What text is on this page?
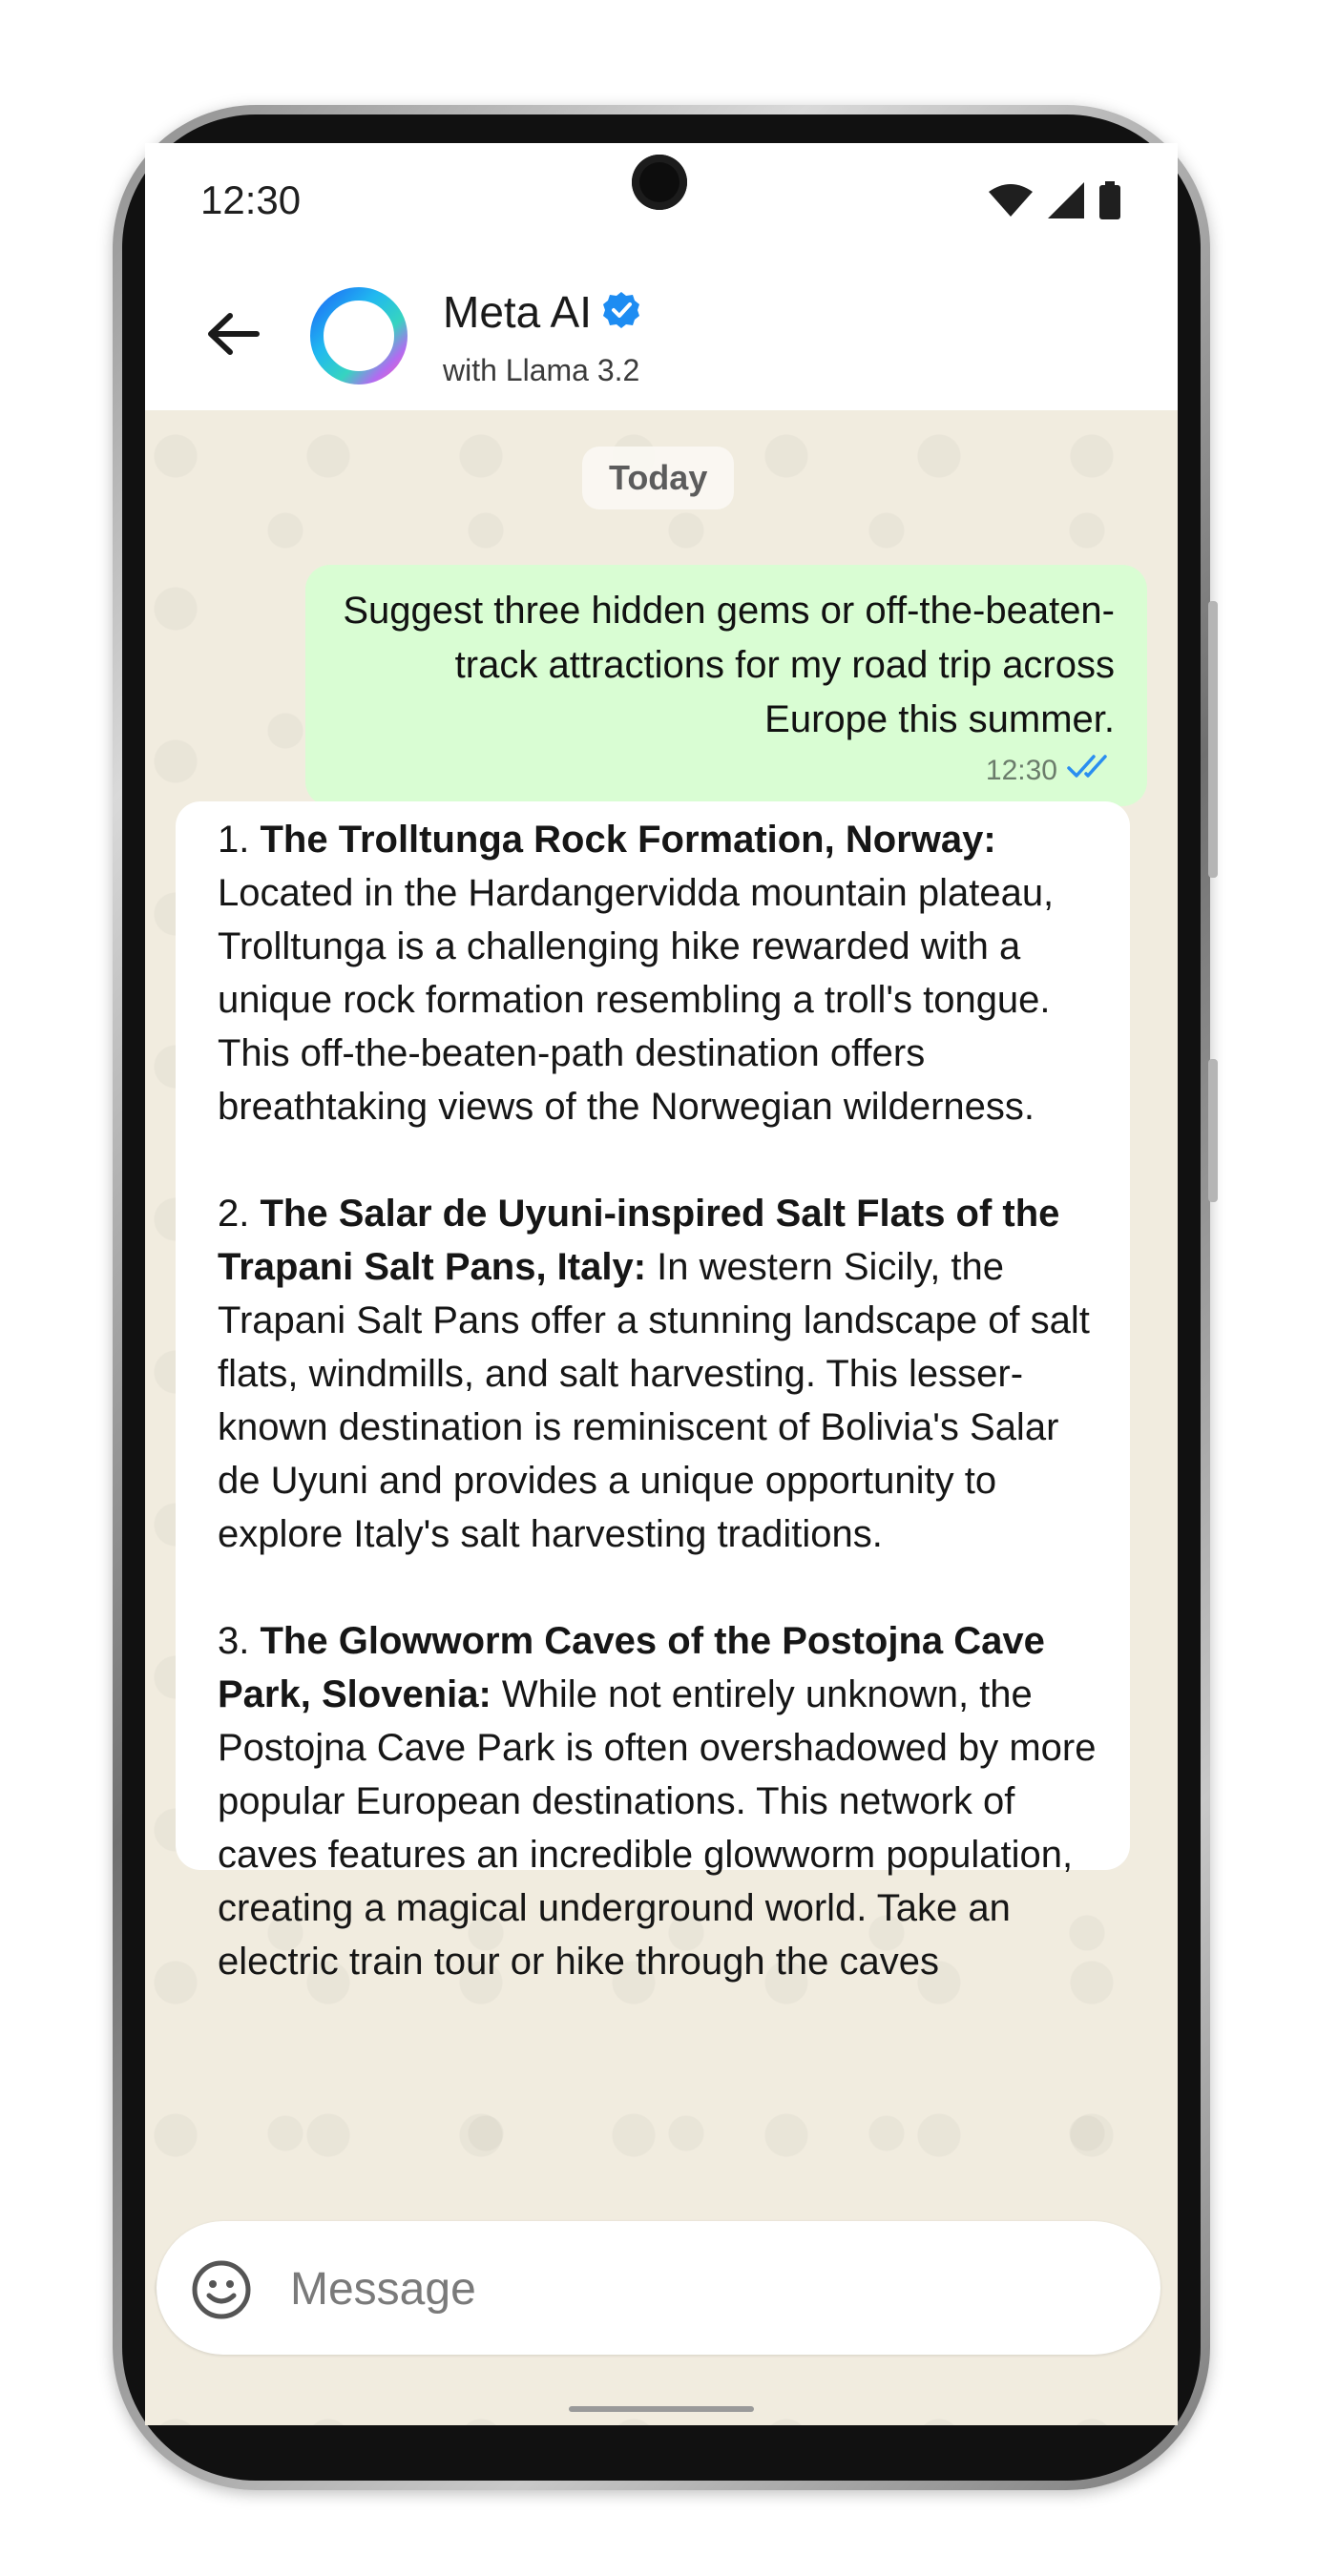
12:30
Meta AI
with Llama 3.2
Today
Suggest three hidden gems or off-the-beaten-track attractions for my road trip across Europe this summer.
12:30

1. The Trolltunga Rock Formation, Norway: Located in the Hardangervidda mountain plateau, Trolltunga is a challenging hike rewarded with a unique rock formation resembling a troll's tongue. This off-the-beaten-path destination offers breathtaking views of the Norwegian wilderness.

2. The Salar de Uyuni-inspired Salt Flats of the Trapani Salt Pans, Italy: In western Sicily, the Trapani Salt Pans offer a stunning landscape of salt flats, windmills, and salt harvesting. This lesser-known destination is reminiscent of Bolivia's Salar de Uyuni and provides a unique opportunity to explore Italy's salt harvesting traditions.

3. The Glowworm Caves of the Postojna Cave Park, Slovenia: While not entirely unknown, the Postojna Cave Park is often overshadowed by more popular European destinations. This network of caves features an incredible glowworm population, creating a magical underground world. Take an electric train tour or hike through the caves

Message
